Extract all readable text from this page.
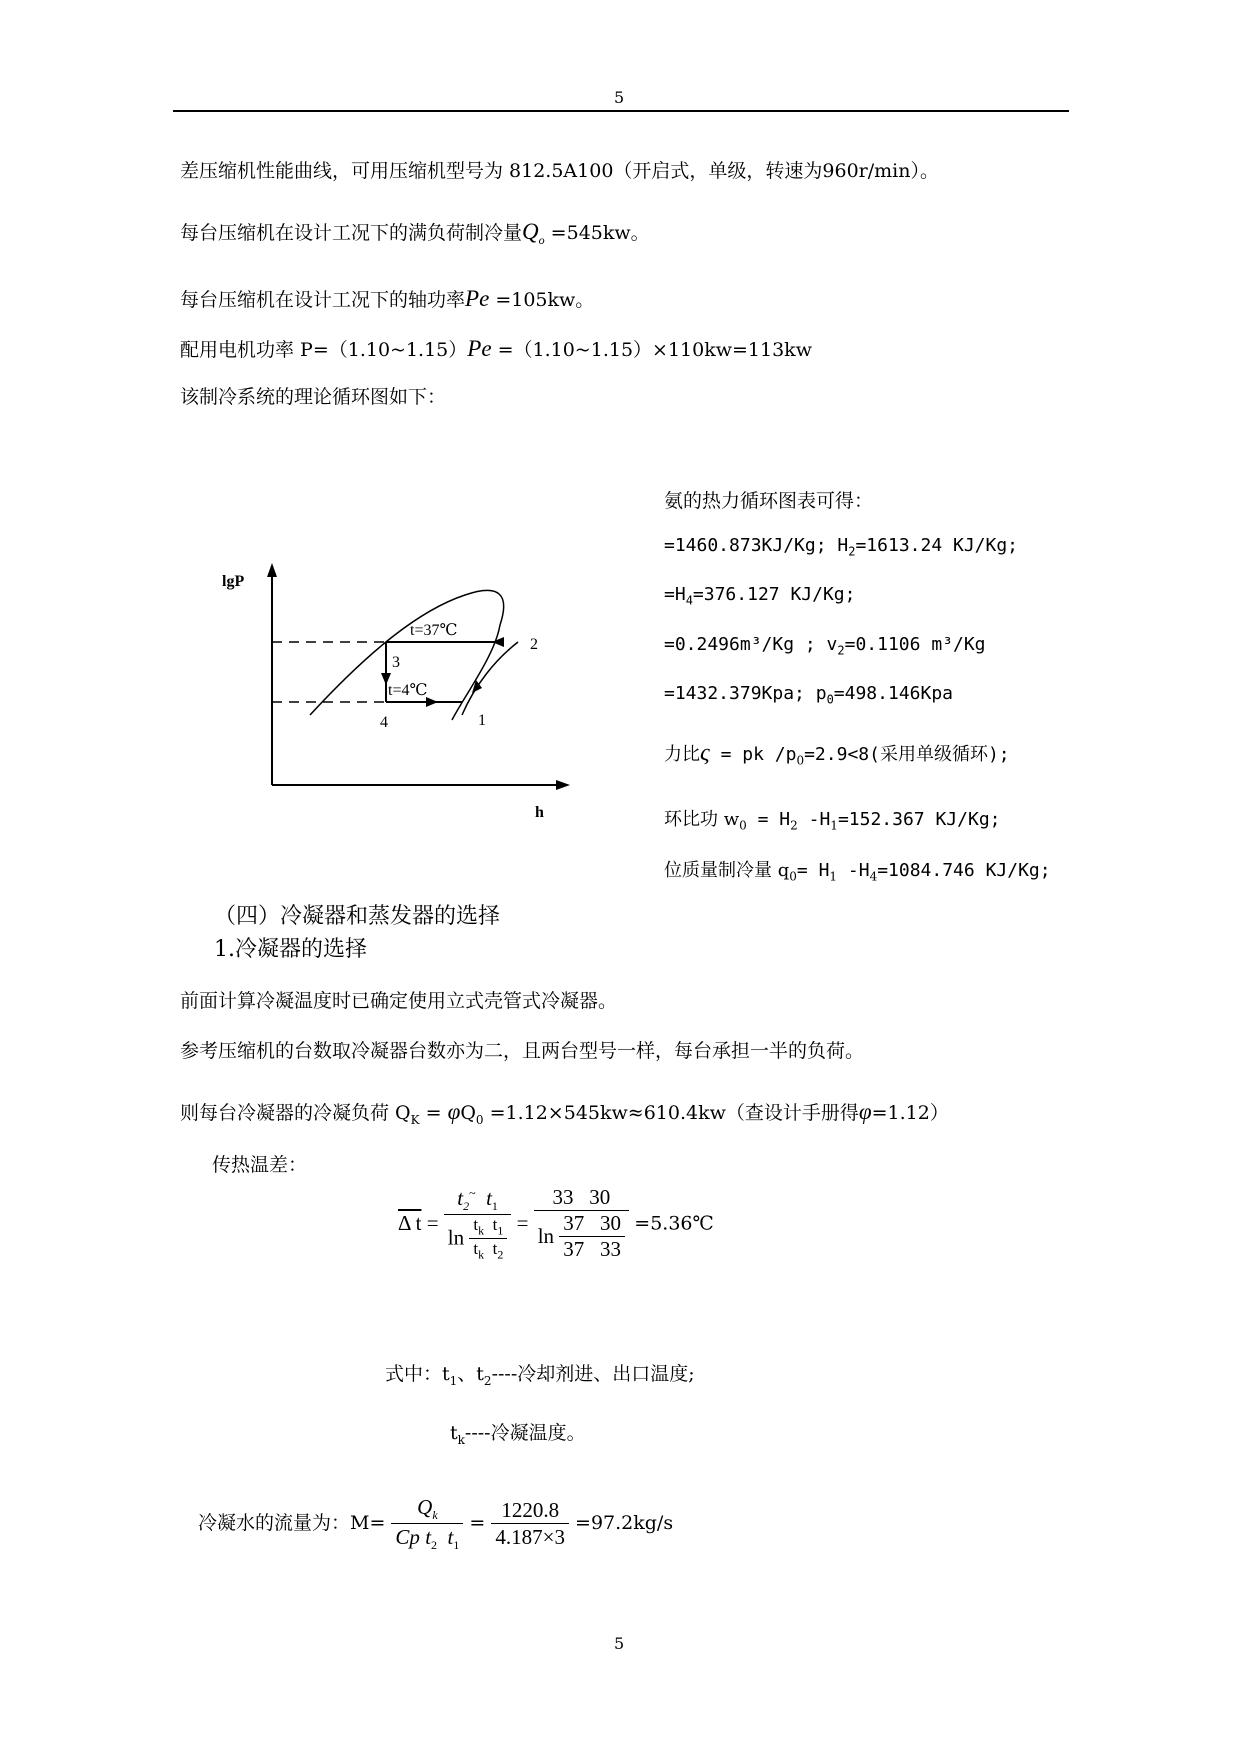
5
差压缩机性能曲线，可用压缩机型号为 812.5A100（开启式，单级，转速为960r/min）。
每台压缩机在设计工况下的满负荷制冷量$Q_o =545kw$。
每台压缩机在设计工况下的轴功率Pe =105kw。
配用电机功率 P=（1.10~1.15）Pe =（1.10~1.15）×110kw=113kw
该制冷系统的理论循环图如下：
lgP
h
t=37℃
t=4℃
1
2
3
4
氨的热力循环图表可得：
=1460.873KJ/Kg; $H_2=1613.24$ KJ/Kg;
$=H_4=376.127$ KJ/Kg;
=0.2496m³/Kg ; $v_2=0.1106$ m³/Kg
=1432.379Kpa; $p_0=498.146Kpa$
力比ς = pk $/p_0=2.9<8$(采用单级循环);
环比功 $w_0 = H_2$ $-H_1=152.367$ KJ/Kg;
位质量制冷量 $q_0= H_1$ $-H_4=1084.746$ KJ/Kg;
（四）冷凝器和蒸发器的选择
1.冷凝器的选择
前面计算冷凝温度时已确定使用立式壳管式冷凝器。
参考压缩机的台数取冷凝器台数亦为二，且两台型号一样，每台承担一半的负荷。
则每台冷凝器的冷凝负荷 $Q_K = \varphi Q_0 =1.12\times 545kw\approx 610.4kw$（查设计手册得φ=1.12）
传热温差：
Δ $t = \frac{t_2^\sim t_1}{\ln \frac{t_k t_1}{t_k t_2}} = \frac{33 30}{\ln \frac{37 30}{37 33}}$ =5.36℃
式中：$t_1$、$t_2----$冷却剂进、出口温度;
$t_k----$冷凝温度。
冷凝水的流量为：$M= \frac{Q_k}{Cp t_2 t_1} = \frac{1220.8}{4.187\times 3} =97.2kg/s$
5
